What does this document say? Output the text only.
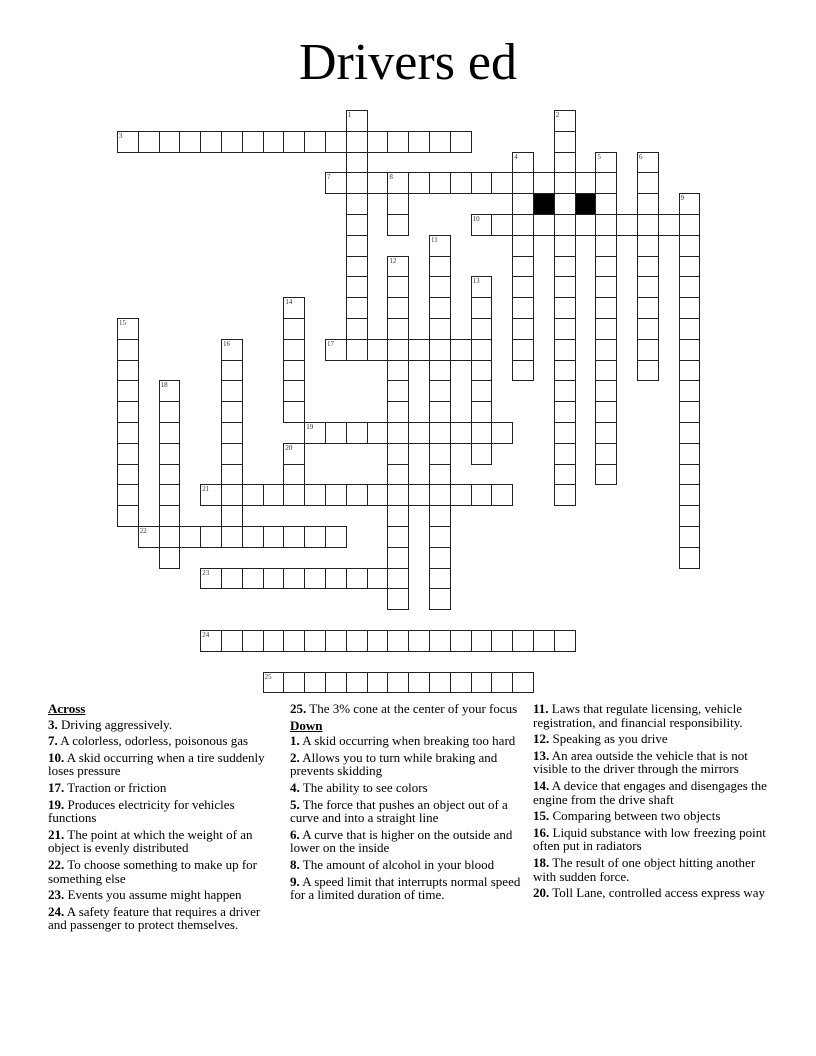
Drivers ed
3
7	8
10
17
19
21
22
23
24
25
1	2
4	5	6
9
11
12
13
14
15
16
18
20
Across
3. Driving aggressively.
7. A colorless, odorless, poisonous gas
10. A skid occurring when a tire suddenly loses pressure
17. Traction or friction
19. Produces electricity for vehicles functions
21. The point at which the weight of an object is evenly distributed
22. To choose something to make up for something else
23. Events you assume might happen
24. A safety feature that requires a driver and passenger to protect themselves.
25. The 3% cone at the center of your focus
Down
1. A skid occurring when breaking too hard
2. Allows you to turn while braking and prevents skidding
4. The ability to see colors
5. The force that pushes an object out of a curve and into a straight line
6. A curve that is higher on the outside and lower on the inside
8. The amount of alcohol in your blood
9. A speed limit that interrupts normal speed for a limited duration of time.
11. Laws that regulate licensing, vehicle registration, and financial responsibility.
12. Speaking as you drive
13. An area outside the vehicle that is not visible to the driver through the mirrors
14. A device that engages and disengages the engine from the drive shaft
15. Comparing between two objects
16. Liquid substance with low freezing point often put in radiators
18. The result of one object hitting another with sudden force.
20. Toll Lane, controlled access express way
